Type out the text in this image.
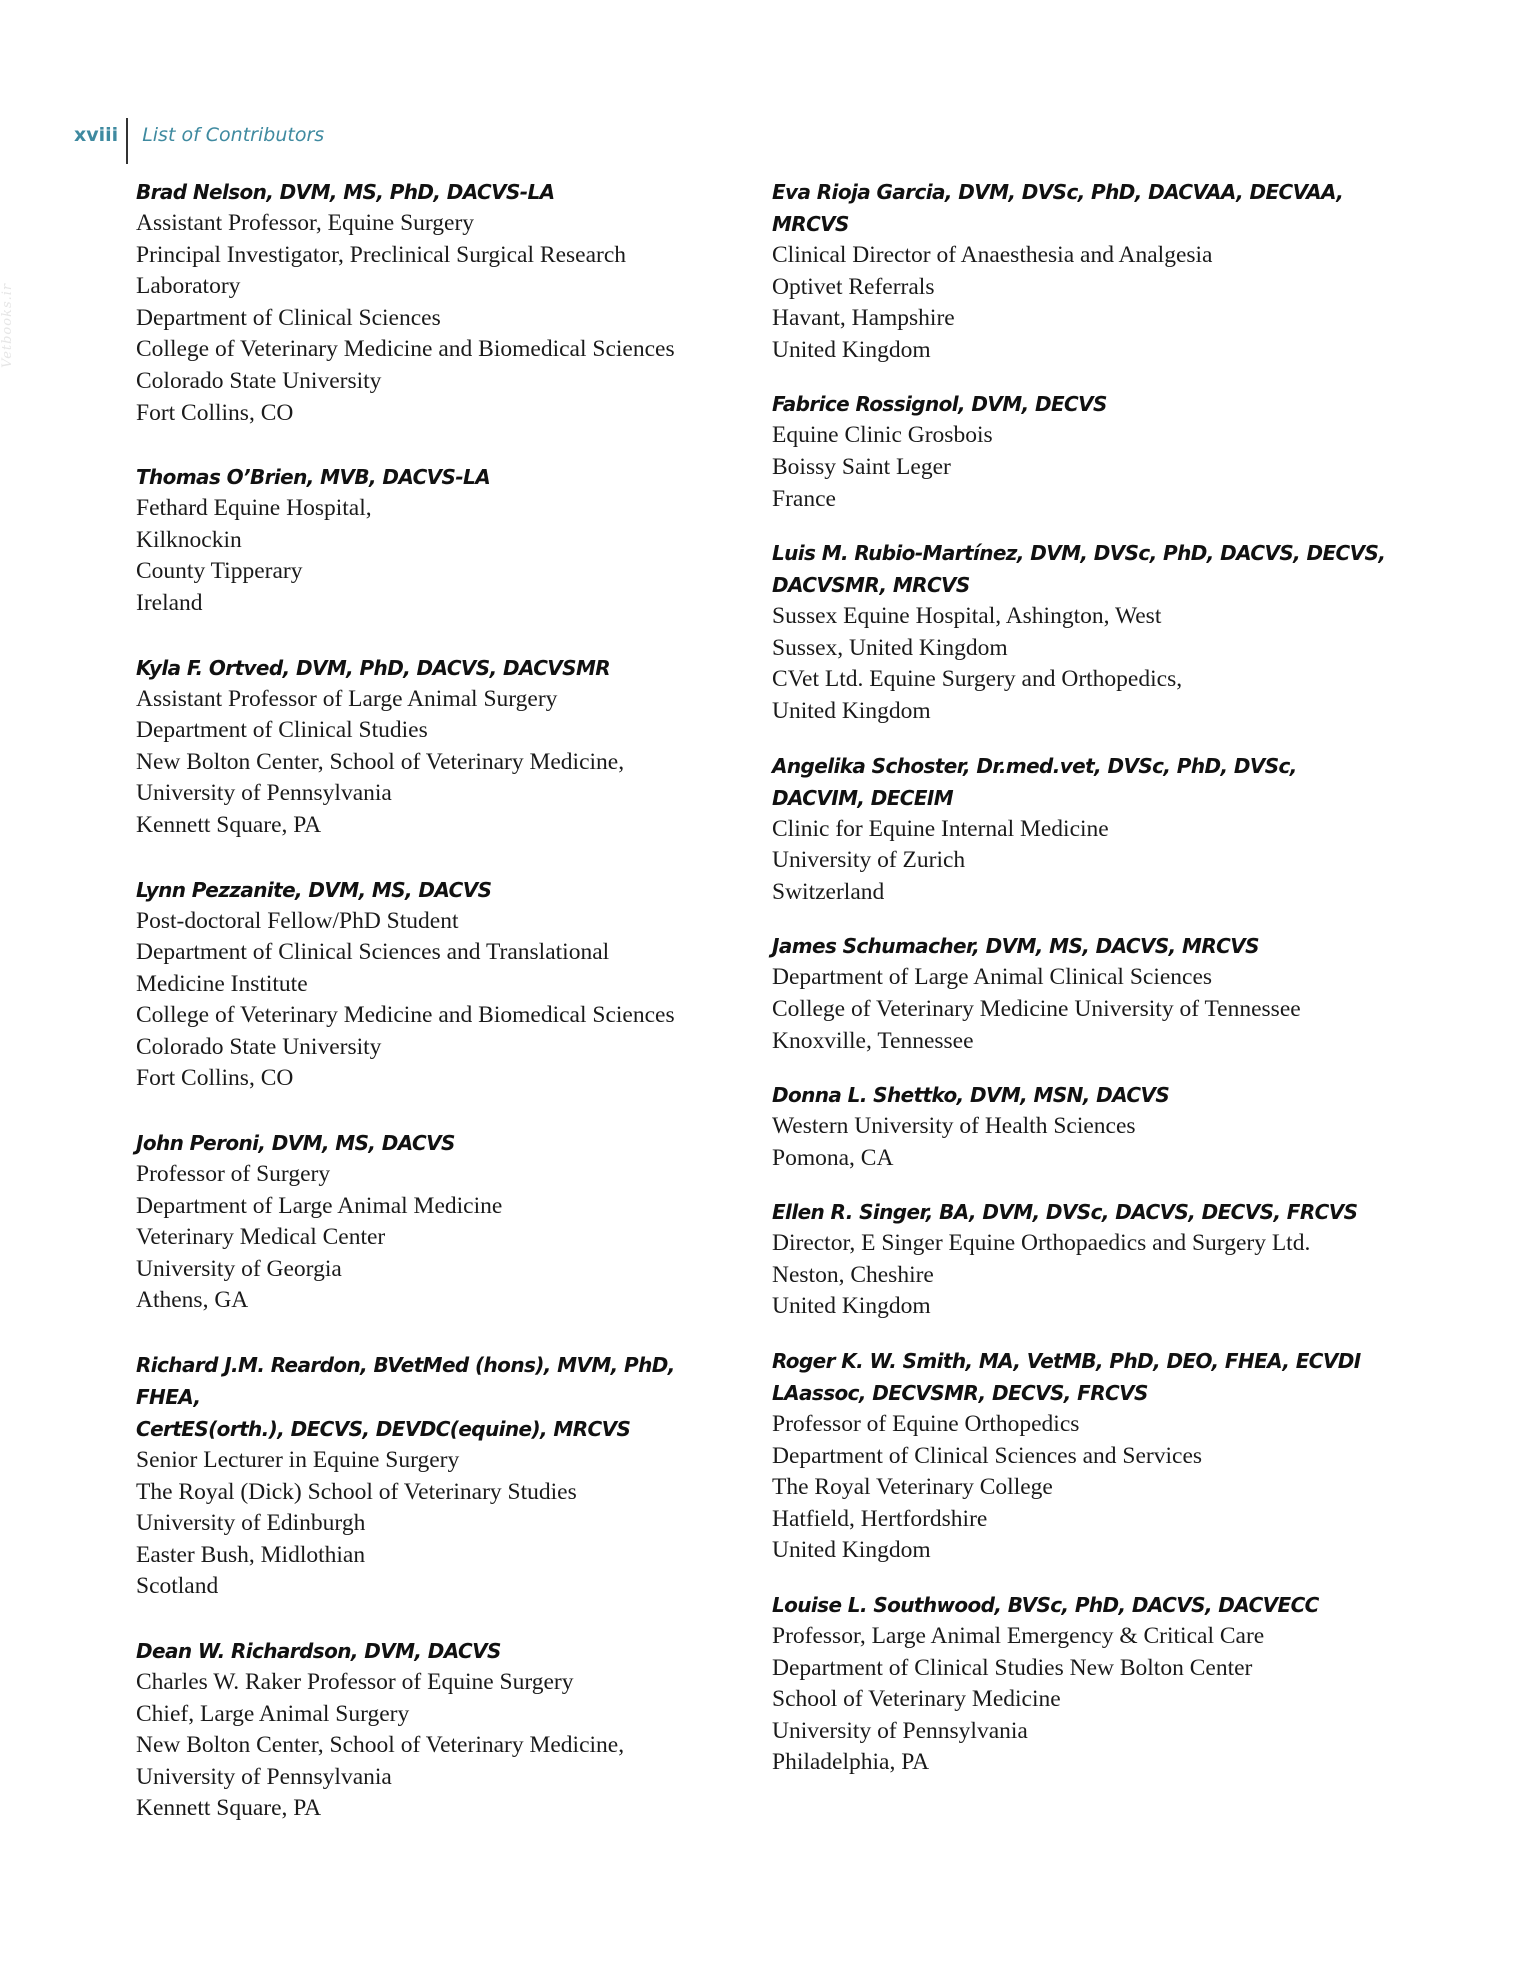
xviii	List of Contributors
Vetbooks.ir
Brad Nelson, DVM, MS, PhD, DACVS-LA
Assistant Professor, Equine Surgery
Principal Investigator, Preclinical Surgical Research
Laboratory
Department of Clinical Sciences
College of Veterinary Medicine and Biomedical Sciences
Colorado State University
Fort Collins, CO
Thomas O’Brien, MVB, DACVS-LA
Fethard Equine Hospital,
Kilknockin
County Tipperary
Ireland
Kyla F. Ortved, DVM, PhD, DACVS, DACVSMR
Assistant Professor of Large Animal Surgery
Department of Clinical Studies
New Bolton Center, School of Veterinary Medicine,
University of Pennsylvania
Kennett Square, PA
Lynn Pezzanite, DVM, MS, DACVS
Post-doctoral Fellow/PhD Student
Department of Clinical Sciences and Translational
Medicine Institute
College of Veterinary Medicine and Biomedical Sciences
Colorado State University
Fort Collins, CO
John Peroni, DVM, MS, DACVS
Professor of Surgery
Department of Large Animal Medicine
Veterinary Medical Center
University of Georgia
Athens, GA
Richard J.M. Reardon, BVetMed (hons), MVM, PhD, FHEA,
CertES(orth.), DECVS, DEVDC(equine), MRCVS
Senior Lecturer in Equine Surgery
The Royal (Dick) School of Veterinary Studies
University of Edinburgh
Easter Bush, Midlothian
Scotland
Dean W. Richardson, DVM, DACVS
Charles W. Raker Professor of Equine Surgery
Chief, Large Animal Surgery
New Bolton Center, School of Veterinary Medicine,
University of Pennsylvania
Kennett Square, PA
Eva Rioja Garcia, DVM, DVSc, PhD, DACVAA, DECVAA,
MRCVS
Clinical Director of Anaesthesia and Analgesia
Optivet Referrals
Havant, Hampshire
United Kingdom
Fabrice Rossignol, DVM, DECVS
Equine Clinic Grosbois
Boissy Saint Leger
France
Luis M. Rubio-Martínez, DVM, DVSc, PhD, DACVS, DECVS,
DACVSMR, MRCVS
Sussex Equine Hospital, Ashington, West
Sussex, United Kingdom
CVet Ltd. Equine Surgery and Orthopedics,
United Kingdom
Angelika Schoster, Dr.med.vet, DVSc, PhD, DVSc,
DACVIM, DECEIM
Clinic for Equine Internal Medicine
University of Zurich
Switzerland
James Schumacher, DVM, MS, DACVS, MRCVS
Department of Large Animal Clinical Sciences
College of Veterinary Medicine University of Tennessee
Knoxville, Tennessee
Donna L. Shettko, DVM, MSN, DACVS
Western University of Health Sciences
Pomona, CA
Ellen R. Singer, BA, DVM, DVSc, DACVS, DECVS, FRCVS
Director, E Singer Equine Orthopaedics and Surgery Ltd.
Neston, Cheshire
United Kingdom
Roger K. W. Smith, MA, VetMB, PhD, DEO, FHEA, ECVDI
LAassoc, DECVSMR, DECVS, FRCVS
Professor of Equine Orthopedics
Department of Clinical Sciences and Services
The Royal Veterinary College
Hatfield, Hertfordshire
United Kingdom
Louise L. Southwood, BVSc, PhD, DACVS, DACVECC
Professor, Large Animal Emergency & Critical Care
Department of Clinical Studies New Bolton Center
School of Veterinary Medicine
University of Pennsylvania
Philadelphia, PA
